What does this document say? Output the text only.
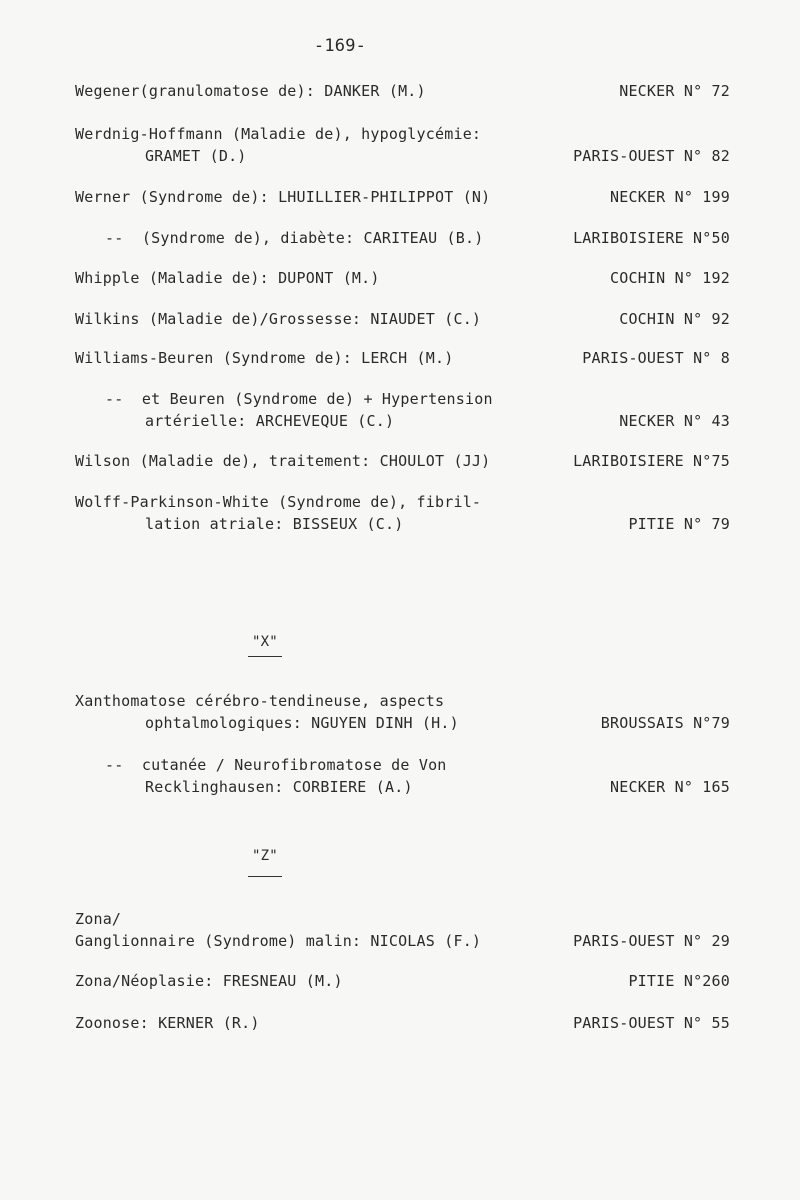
-169-
Wegener(granulomatose de): DANKER (M.)	NECKER N° 72
Werdnig-Hoffmann (Maladie de), hypoglycémie:
GRAMET (D.)	PARIS-OUEST N° 82
Werner (Syndrome de): LHUILLIER-PHILIPPOT (N)	NECKER N° 199
--  (Syndrome de), diabète: CARITEAU (B.)	LARIBOISIERE N°50
Whipple (Maladie de): DUPONT (M.)	COCHIN N° 192
Wilkins (Maladie de)/Grossesse: NIAUDET (C.)	COCHIN N° 92
Williams-Beuren (Syndrome de): LERCH (M.)	PARIS-OUEST N° 8
--  et Beuren (Syndrome de) + Hypertension
artérielle: ARCHEVEQUE (C.)	NECKER N° 43
Wilson (Maladie de), traitement: CHOULOT (JJ)	LARIBOISIERE N°75
Wolff-Parkinson-White (Syndrome de), fibril-
lation atriale: BISSEUX (C.)	PITIE N° 79
"X"
Xanthomatose cérébro-tendineuse, aspects
ophtalmologiques: NGUYEN DINH (H.)	BROUSSAIS N°79
--  cutanée / Neurofibromatose de Von
Recklinghausen: CORBIERE (A.)	NECKER N° 165
"Z"
Zona/
Ganglionnaire (Syndrome) malin: NICOLAS (F.)	PARIS-OUEST N° 29
Zona/Néoplasie: FRESNEAU (M.)	PITIE N°260
Zoonose: KERNER (R.)	PARIS-OUEST N° 55
